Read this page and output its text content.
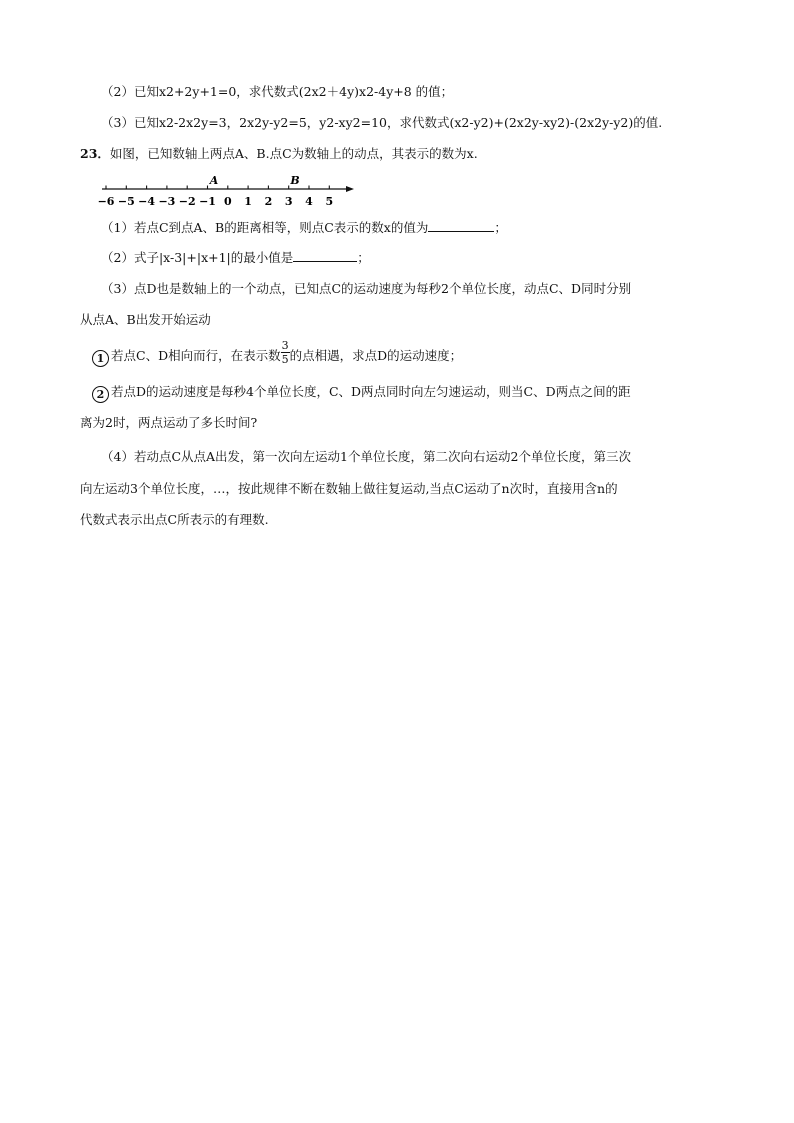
（2）已知x2+2y+1=0，求代数式(2x2＋4y)x2-4y+8 的值；
（3）已知x2-2x2y=3，2x2y-y2=5，y2-xy2=10，求代数式(x2-y2)+(2x2y-xy2)-(2x2y-y2)的值.
23．如图，已知数轴上两点A、B.点C为数轴上的动点，其表示的数为x.
−6 −5 −4 −3 −2 −1 0 1 2 3 4 5
A	B
（1）若点C到点A、B的距离相等，则点C表示的数x的值为	；
（2）式子|x-3|+|x+1|的最小值是	；
（3）点D也是数轴上的一个动点，已知点C的运动速度为每秒2个单位长度，动点C、D同时分别
从点A、B出发开始运动
1 若点C、D相向而行，在表示数 $\frac{3}{5}$ 的点相遇，求点D的运动速度；
2 若点D的运动速度是每秒4个单位长度，C、D两点同时向左匀速运动，则当C、D两点之间的距
离为2时，两点运动了多长时间?
（4）若动点C从点A出发，第一次向左运动1个单位长度，第二次向右运动2个单位长度，第三次
向左运动3个单位长度，…，按此规律不断在数轴上做往复运动,当点C运动了n次时，直接用含n的
代数式表示出点C所表示的有理数.
